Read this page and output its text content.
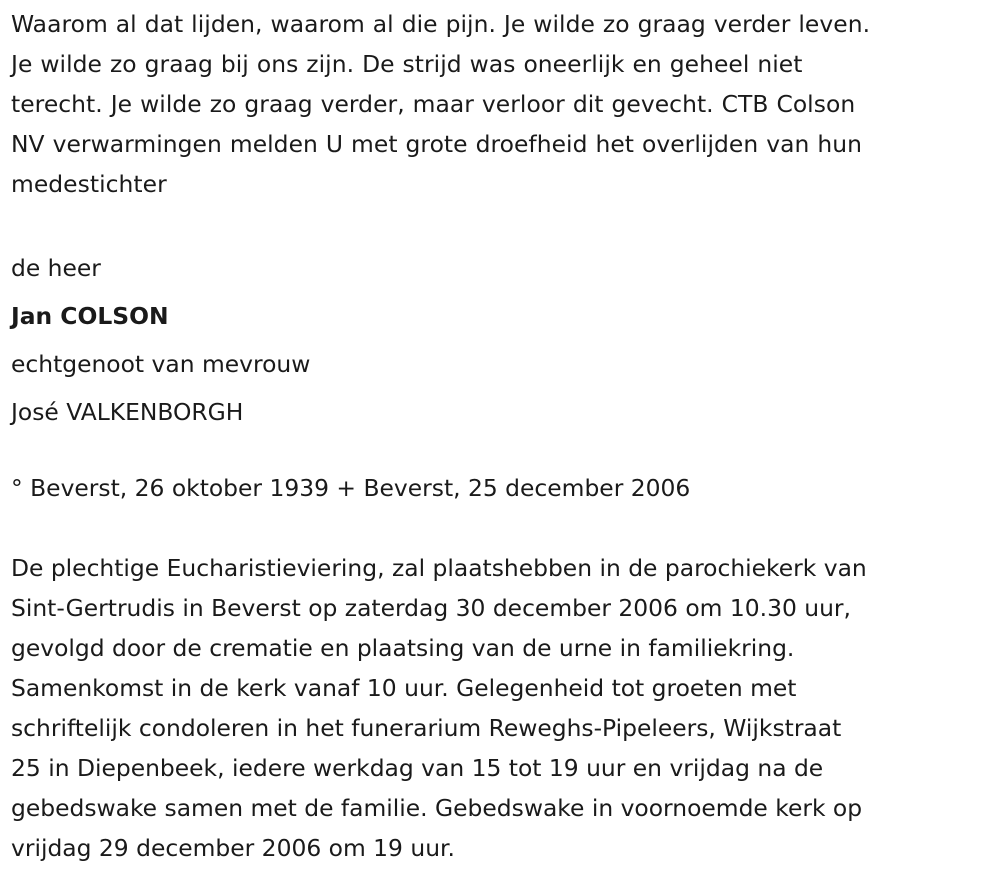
Waarom al dat lijden, waarom al die pijn. Je wilde zo graag verder leven.
Je wilde zo graag bij ons zijn. De strijd was oneerlijk en geheel niet
terecht. Je wilde zo graag verder, maar verloor dit gevecht. CTB Colson
NV verwarmingen melden U met grote droefheid het overlijden van hun
medestichter

de heer
Jan COLSON
echtgenoot van mevrouw
José VALKENBORGH
° Beverst, 26 oktober 1939 + Beverst, 25 december 2006

De plechtige Eucharistieviering, zal plaatshebben in de parochiekerk van
Sint-Gertrudis in Beverst op zaterdag 30 december 2006 om 10.30 uur,
gevolgd door de crematie en plaatsing van de urne in familiekring.
Samenkomst in de kerk vanaf 10 uur. Gelegenheid tot groeten met
schriftelijk condoleren in het funerarium Reweghs-Pipeleers, Wijkstraat
25 in Diepenbeek, iedere werkdag van 15 tot 19 uur en vrijdag na de
gebedswake samen met de familie. Gebedswake in voornoemde kerk op
vrijdag 29 december 2006 om 19 uur.
